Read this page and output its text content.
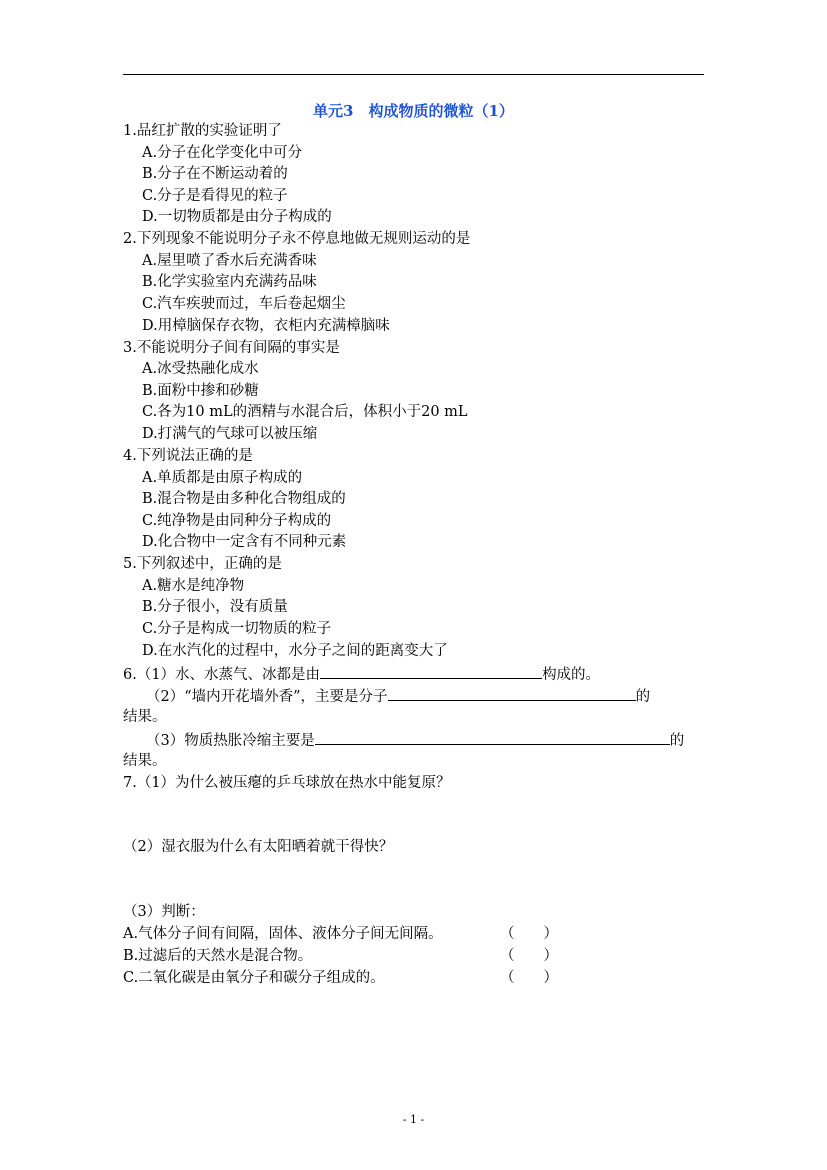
单元3　构成物质的微粒（1）
1.品红扩散的实验证明了
A.分子在化学变化中可分
B.分子在不断运动着的
C.分子是看得见的粒子
D.一切物质都是由分子构成的
2.下列现象不能说明分子永不停息地做无规则运动的是
A.屋里喷了香水后充满香味
B.化学实验室内充满药品味
C.汽车疾驶而过，车后卷起烟尘
D.用樟脑保存衣物，衣柜内充满樟脑味
3.不能说明分子间有间隔的事实是
A.冰受热融化成水
B.面粉中掺和砂糖
C.各为10 mL的酒精与水混合后，体积小于20 mL
D.打满气的气球可以被压缩
4.下列说法正确的是
A.单质都是由原子构成的
B.混合物是由多种化合物组成的
C.纯净物是由同种分子构成的
D.化合物中一定含有不同种元素
5.下列叙述中，正确的是
A.糖水是纯净物
B.分子很小，没有质量
C.分子是构成一切物质的粒子
D.在水汽化的过程中，水分子之间的距离变大了
6.（1）水、水蒸气、冰都是由	构成的。
（2）“墙内开花墙外香”，主要是分子	的
结果。
（3）物质热胀冷缩主要是	的
结果。
7.（1）为什么被压瘪的乒乓球放在热水中能复原？
（2）湿衣服为什么有太阳晒着就干得快？
（3）判断：
A.气体分子间有间隔，固体、液体分子间无间隔。	（　　）
B.过滤后的天然水是混合物。	（　　）
C.二氧化碳是由氧分子和碳分子组成的。	（　　）
- 1 -
